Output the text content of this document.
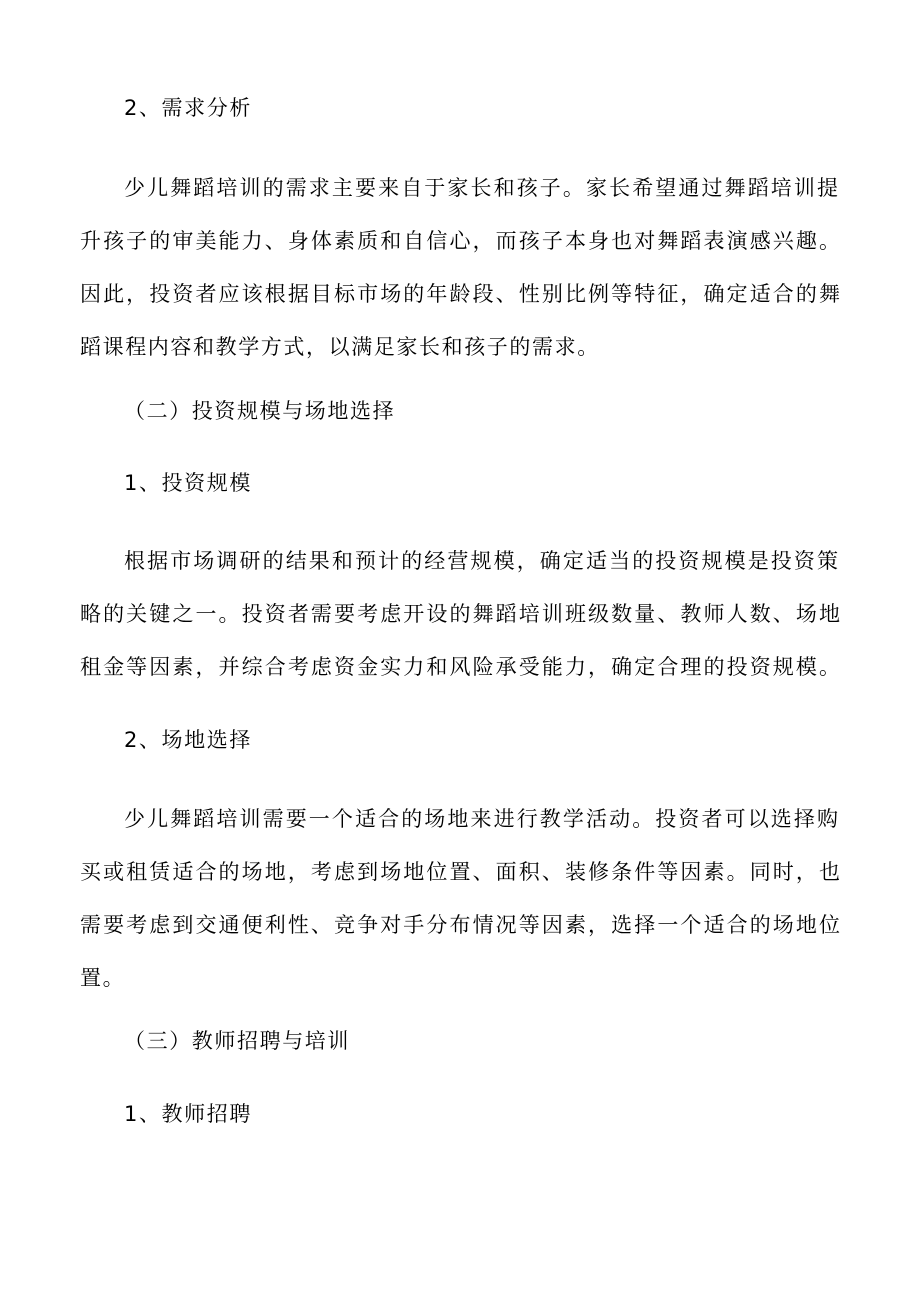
2、需求分析
少儿舞蹈培训的需求主要来自于家长和孩子。家长希望通过舞蹈培训提
升孩子的审美能力、身体素质和自信心，而孩子本身也对舞蹈表演感兴趣。
因此，投资者应该根据目标市场的年龄段、性别比例等特征，确定适合的舞
蹈课程内容和教学方式，以满足家长和孩子的需求。
（二）投资规模与场地选择
1、投资规模
根据市场调研的结果和预计的经营规模，确定适当的投资规模是投资策
略的关键之一。投资者需要考虑开设的舞蹈培训班级数量、教师人数、场地
租金等因素，并综合考虑资金实力和风险承受能力，确定合理的投资规模。
2、场地选择
少儿舞蹈培训需要一个适合的场地来进行教学活动。投资者可以选择购
买或租赁适合的场地，考虑到场地位置、面积、装修条件等因素。同时，也
需要考虑到交通便利性、竞争对手分布情况等因素，选择一个适合的场地位
置。
（三）教师招聘与培训
1、教师招聘
